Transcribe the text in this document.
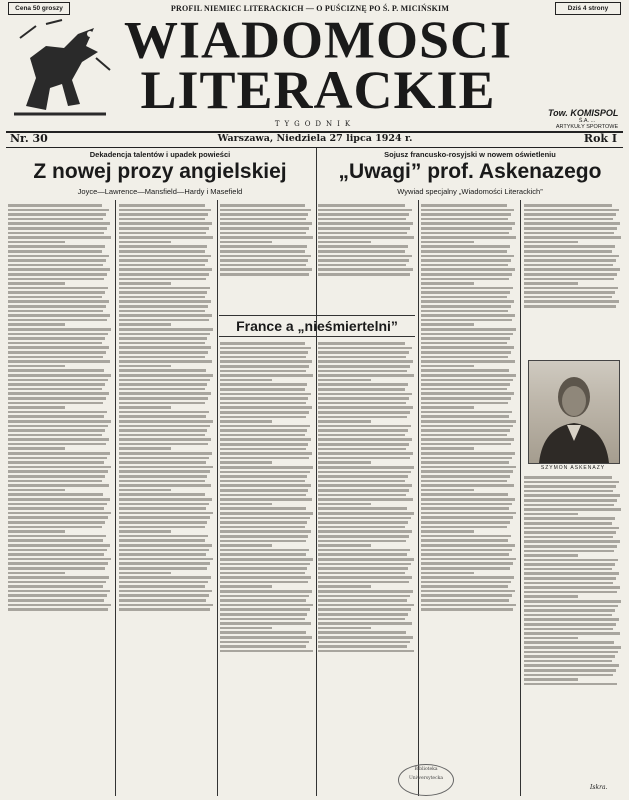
Cena 50 groszy	Dziś 4 strony
PROFIL NIEMIEC LITERACKICH — O PUŚCIZNĘ PO Ś. P. MICIŃSKIM
WIADOMOSCI
LITERACKIE
TYGODNIK
Tow. KOMISPOL
Ś.A. ...
ARTYKUŁY SPORTOWE
Nr. 30	Warszawa, Niedziela 27 lipca 1924 r.	Rok I
Dekadencja talentów i upadek powieści
Z nowej prozy angielskiej
Joyce—Lawrence—Mansfield—Hardy i Masefield
Sojusz francusko-rosyjski w nowem oświetleniu
„Uwagi” prof. Askenazego
Wywiad specjalny „Wiadomości Literackich”
France a „nieśmiertelni”
SZYMON ASKENAZY
Iskra.
Biblioteka Uniwersytecka
